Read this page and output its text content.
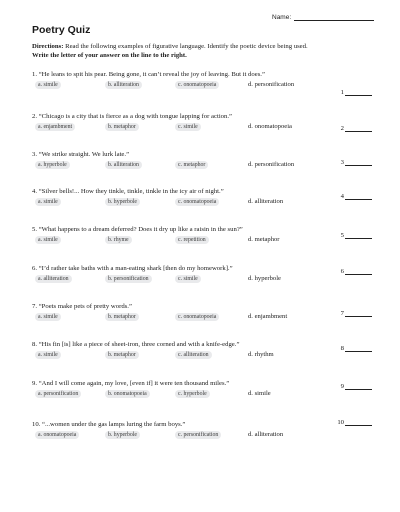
Name:
Poetry Quiz
Directions: Read the following examples of figurative language. Identify the poetic device being used.
Write the letter of your answer on the line to the right.
1. “He leans to spit his pear. Being gone, it can’t reveal the joy of leaving. But it does.”
a. simile	b. alliteration	c. onomatopoeia	d. personification
1
2. “Chicago is a city that is fierce as a dog with tongue lapping for action.”
a. enjambment	b. metaphor	c. simile	d. onomatopoeia	2
3. “We strike straight. We lurk late.”
a. hyperbole	b. alliteration	c. metaphor	d. personification	3
4. “Silver bells!... How they tinkle, tinkle, tinkle in the icy air of night.”
a. simile	b. hyperbole	c. onomatopoeia	d. alliteration
4
5. “What happens to a dream deferred? Does it dry up like a raisin in the sun?”
a. simile	b. rhyme	c. repetition	d. metaphor
5
6. “I’d rather take baths with a man-eating shark [then do my homework].”
a. alliteration	b. personification	c. simile	d. hyperbole
6
7. “Poets make pets of pretty words.”
a. simile	b. metaphor	c. onomatopoeia	d. enjambment	7
8. “His fin [is] like a piece of sheet-iron, three corned and with a knife-edge.”
a. simile	b. metaphor	c. alliteration	d. rhythm
8
9. “And I will come again, my love, [even if] it were ten thousand miles.”
a. personification	b. onomatopoeia	c. hyperbole	d. simile
9
10. “...women under the gas lamps luring the farm boys.”
a. onomatopoeia	b. hyperbole	c. personification	d. alliteration
10
